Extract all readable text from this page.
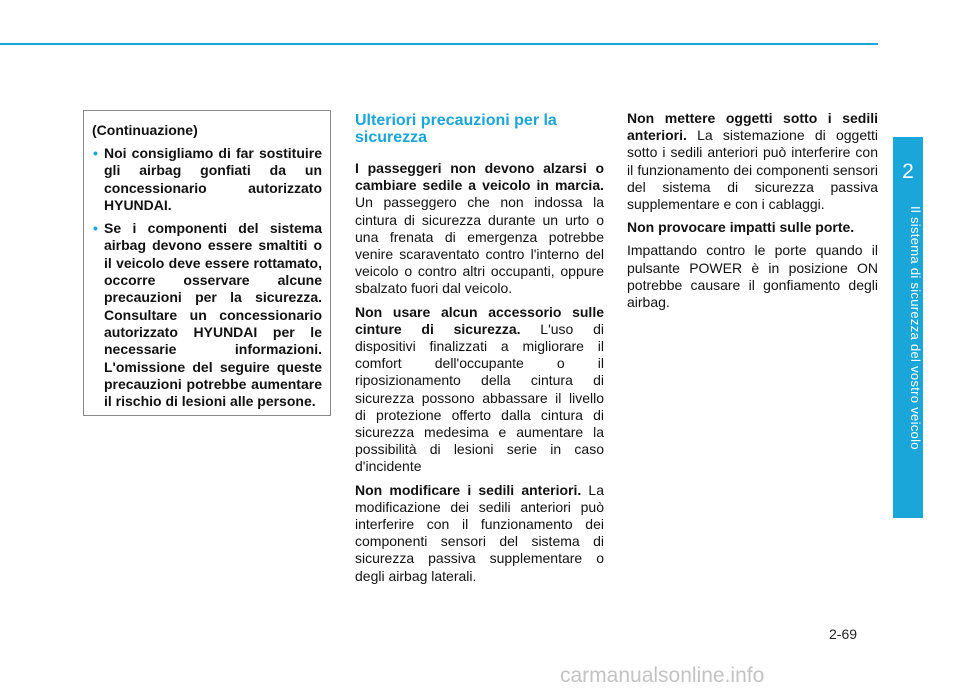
2
Il sistema di sicurezza del vostro veicolo
(Continuazione)
• Noi consigliamo di far sostituire gli airbag gonfiati da un concessionario autorizzato HYUNDAI.
• Se i componenti del sistema airbag devono essere smaltiti o il veicolo deve essere rottamato, occorre osservare alcune precauzioni per la sicurezza. Consultare un concessionario autorizzato HYUNDAI per le necessarie informazioni. L'omissione del seguire queste precauzioni potrebbe aumentare il rischio di lesioni alle persone.
Ulteriori precauzioni per la sicurezza

I passeggeri non devono alzarsi o cambiare sedile a veicolo in marcia. Un passeggero che non indossa la cintura di sicurezza durante un urto o una frenata di emergenza potrebbe venire scaraventato contro l'interno del veicolo o contro altri occupanti, oppure sbalzato fuori dal veicolo.

Non usare alcun accessorio sulle cinture di sicurezza. L'uso di dispositivi finalizzati a migliorare il comfort dell'occupante o il riposizionamento della cintura di sicurezza possono abbassare il livello di protezione offerto dalla cintura di sicurezza medesima e aumentare la possibilità di lesioni serie in caso d'incidente

Non modificare i sedili anteriori. La modificazione dei sedili anteriori può interferire con il funzionamento dei componenti sensori del sistema di sicurezza passiva supplementare o degli airbag laterali.

Non mettere oggetti sotto i sedili anteriori. La sistemazione di oggetti sotto i sedili anteriori può interferire con il funzionamento dei componenti sensori del sistema di sicurezza passiva supplementare e con i cablaggi.

Non provocare impatti sulle porte.

Impattando contro le porte quando il pulsante POWER è in posizione ON potrebbe causare il gonfiamento degli airbag.

2-69
carmanualsonline.info
